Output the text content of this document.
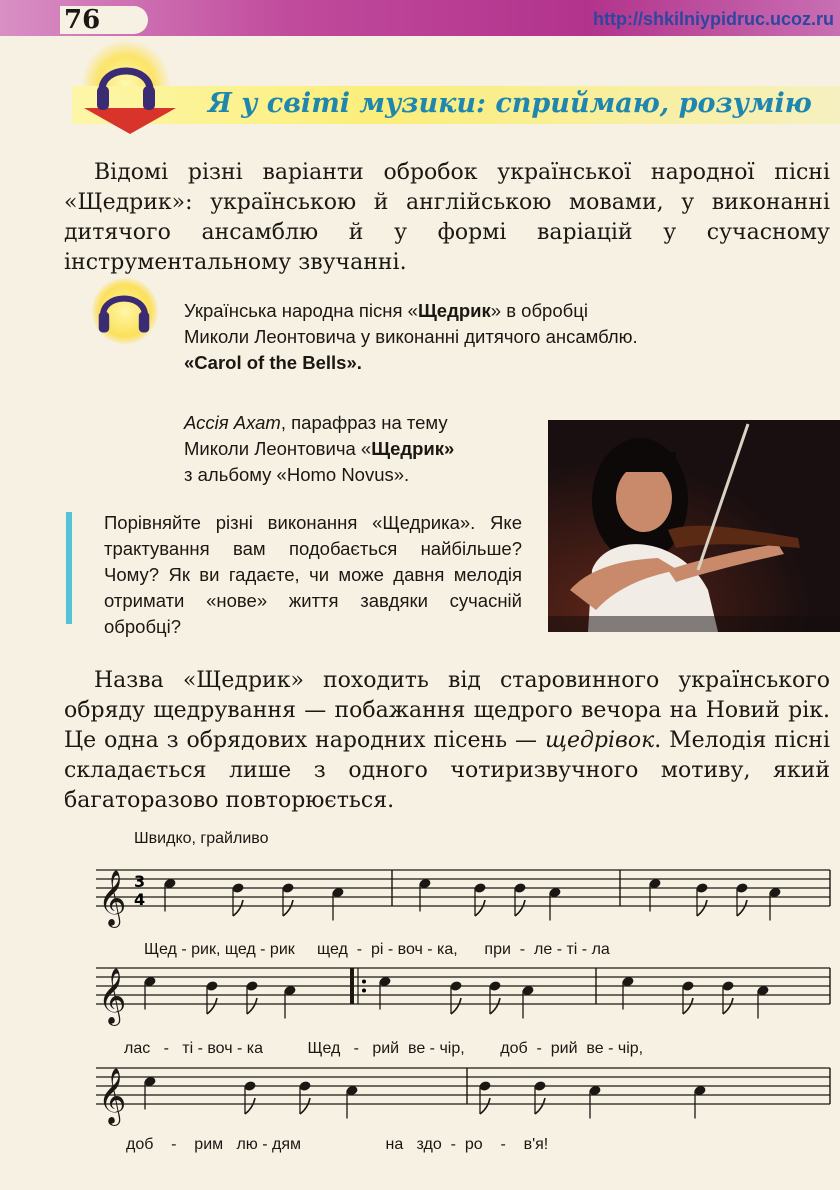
76	http://shkilniypidruc.ucoz.ru
Я у світі музики: сприймаю, розумію
Відомі різні варіанти обробок української народної пісні «Щедрик»: українською й англійською мовами, у виконанні дитячого ансамблю й у формі варіацій у сучасному інструментальному звучанні.
Українська народна пісня «Щедрик» в обробці
Миколи Леонтовича у виконанні дитячого ансамблю.
«Carol of the Bells».
Ассія Ахат, парафраз на тему
Миколи Леонтовича «Щедрик»
з альбому «Homo Novus».
Порівняйте різні виконання «Щедрика». Яке трактування вам подобається найбільше? Чому? Як ви гадаєте, чи може давня мелодія отримати «нове» життя завдяки сучасній обробці?
Назва «Щедрик» походить від старовинного українського обряду щедрування — побажання щедрого вечора на Новий рік. Це одна з обрядових народних пісень — щедрівок. Мелодія пісні складається лише з одного чотиризвучного мотиву, який багаторазово повторюється.
Швидко, грайливо
𝄞 3
4
𝄞
𝄞
Щед - рик, щед - рик     щед  -  рі - воч - ка,      при  -  ле - ті - ла
лас   -   ті - воч - ка          Щед   -   рий  ве - чір,        доб  -  рий  ве - чір,
доб    -    рим   лю - дям                   на   здо  -  ро    -    в'я!
